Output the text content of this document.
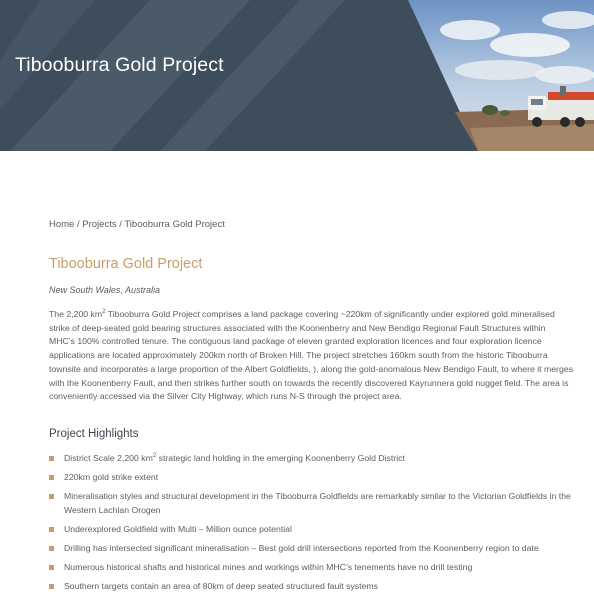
Tibooburra Gold Project
Home / Projects / Tibooburra Gold Project
Tibooburra Gold Project
New South Wales, Australia

The 2,200 $km^2$ Tibooburra Gold Project comprises a land package covering ~220km of significantly under explored gold mineralised strike of deep-seated gold bearing structures associated with the Koonenberry and New Bendigo Regional Fault Structures within MHC’s 100% controlled tenure. The contiguous land package of eleven granted exploration licences and four exploration licence applications are located approximately 200km north of Broken Hill. The project stretches 160km south from the historic Tibooburra townsite and incorporates a large proportion of the Albert Goldfields, ), along the gold-anomalous New Bendigo Fault, to where it merges with the Koonenberry Fault, and then strikes further south on towards the recently discovered Kayrunnera gold nugget field. The area is conveniently accessed via the Silver City Highway, which runs N-S through the project area.

Project Highlights
District Scale 2,200 $km^2$ strategic land holding in the emerging Koonenberry Gold District
220km gold strike extent
Mineralisation styles and structural development in the Tibooburra Goldfields are remarkably similar to the Victorian Goldfields in the Western Lachlan Orogen
Underexplored Goldfield with Multi – Million ounce potential
Drilling has intersected significant mineralisation – Best gold drill intersections reported from the Koonenberry region to date
Numerous historical shafts and historical mines and workings within MHC’s tenements have no drill testing
Southern targets contain an area of 80km of deep seated structured fault systems
